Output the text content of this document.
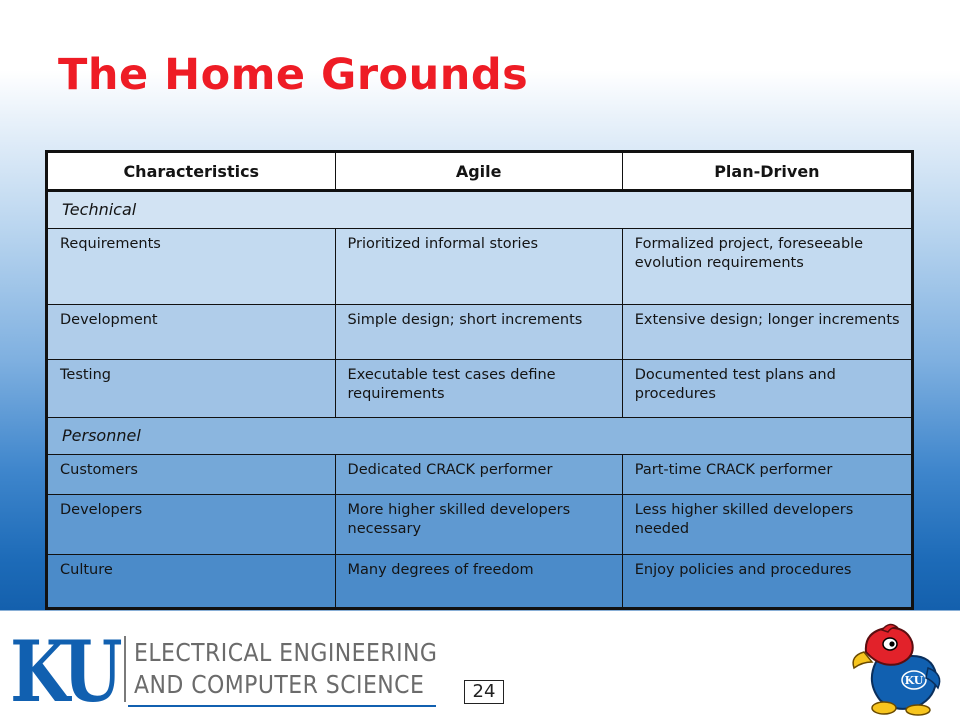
The Home Grounds
Characteristics	Agile	Plan-Driven
Technical		
Requirements	Prioritized informal stories	Formalized project, foreseeable evolution requirements
Development	Simple design; short increments	Extensive design; longer increments
Testing	Executable test cases define requirements	Documented test plans and procedures
Personnel		
Customers	Dedicated CRACK performer	Part-time CRACK performer
Developers	More higher skilled developers necessary	Less higher skilled developers needed
Culture	Many degrees of freedom	Enjoy policies and procedures
KU ELECTRICAL ENGINEERING
AND COMPUTER SCIENCE	24
KU
